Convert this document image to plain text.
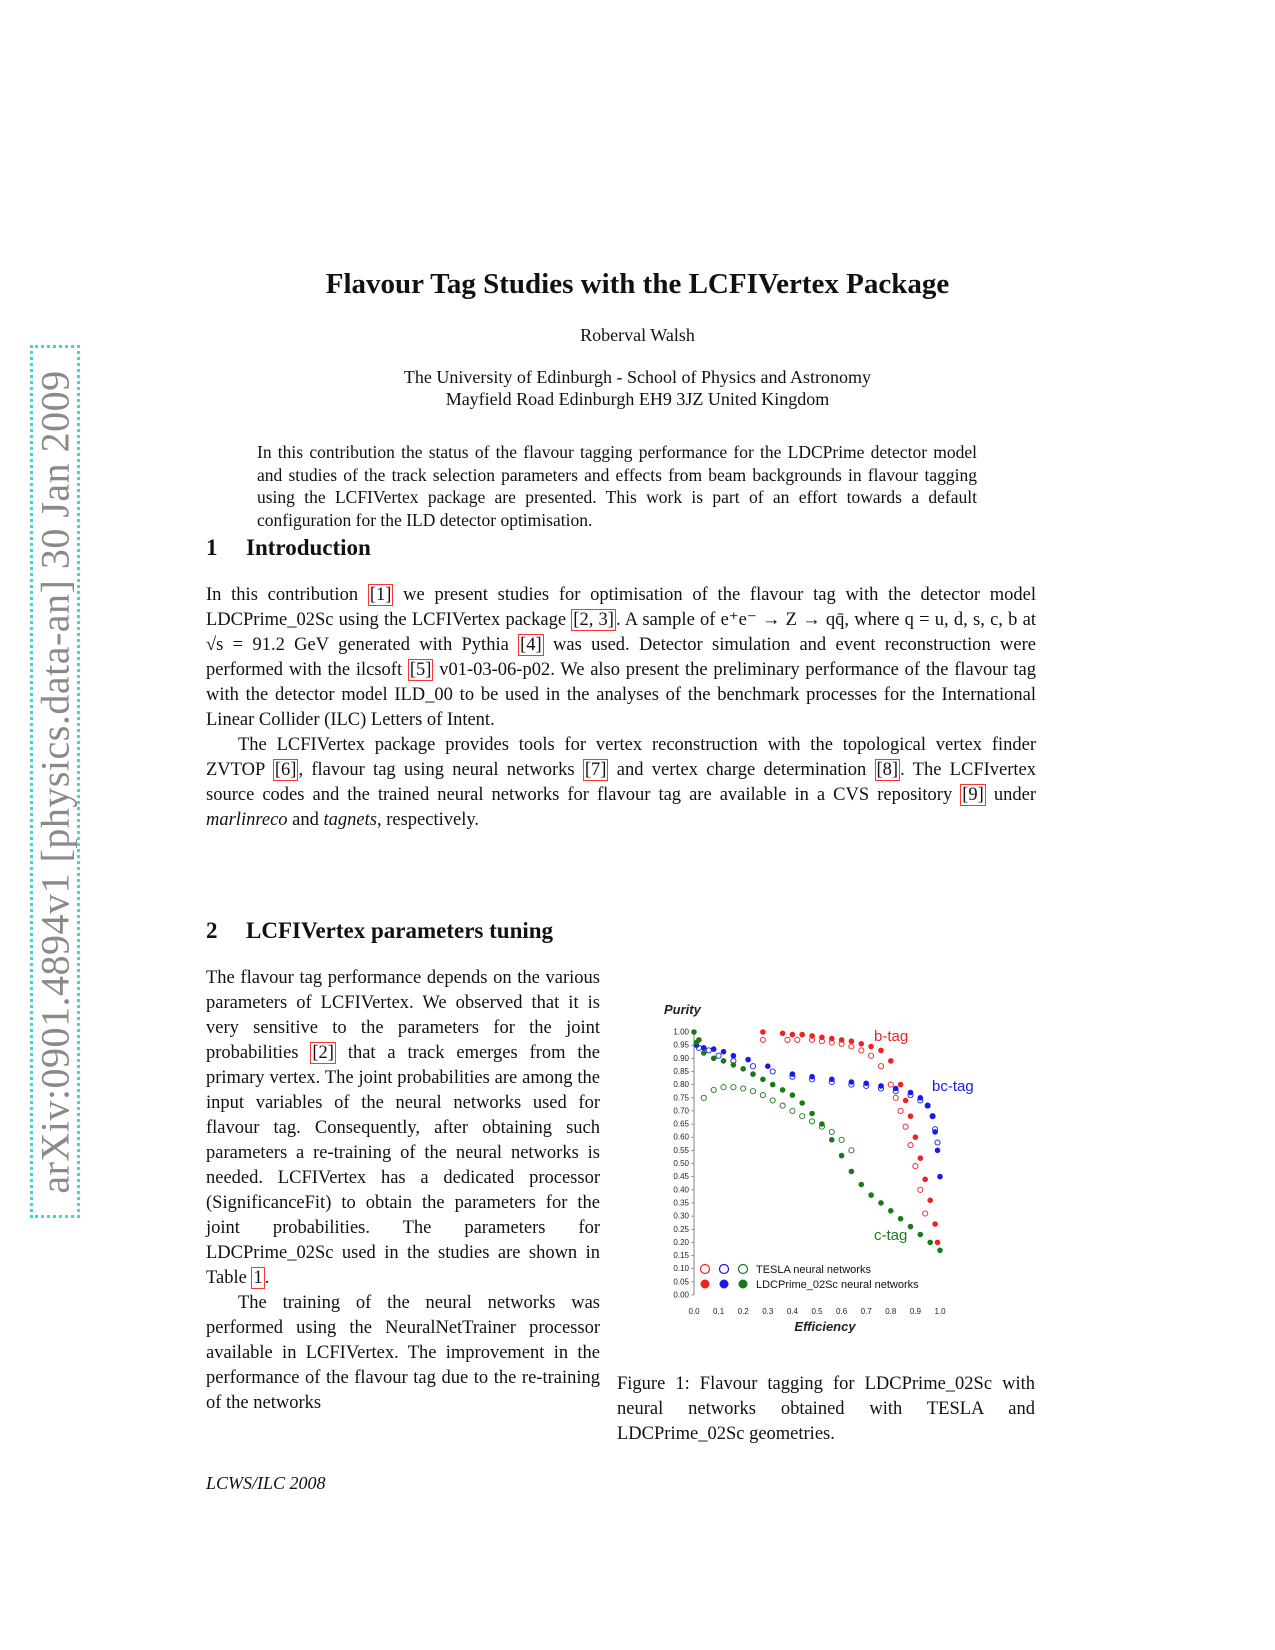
arXiv:0901.4894v1 [physics.data-an] 30 Jan 2009
Flavour Tag Studies with the LCFIVertex Package
Roberval Walsh
The University of Edinburgh - School of Physics and Astronomy
Mayfield Road Edinburgh EH9 3JZ United Kingdom
In this contribution the status of the flavour tagging performance for the LDCPrime detector model and studies of the track selection parameters and effects from beam backgrounds in flavour tagging using the LCFIVertex package are presented. This work is part of an effort towards a default configuration for the ILD detector optimisation.
1 Introduction

In this contribution [1] we present studies for optimisation of the flavour tag with the detector model LDCPrime_02Sc using the LCFIVertex package [2, 3] . A sample of e⁺e⁻ → Z → qq̄, where q = u, d, s, c, b at √s = 91.2 GeV generated with Pythia [4] was used. Detector simulation and event reconstruction were performed with the ilcsoft [5] v01-03-06-p02. We also present the preliminary performance of the flavour tag with the detector model ILD_00 to be used in the analyses of the benchmark processes for the International Linear Collider (ILC) Letters of Intent.

The LCFIVertex package provides tools for vertex reconstruction with the topological vertex finder ZVTOP [6] , flavour tag using neural networks [7] and vertex charge determination [8] . The LCFIvertex source codes and the trained neural networks for flavour tag are available in a CVS repository [9] under marlinreco and tagnets, respectively.

2 LCFIVertex parameters tuning

The flavour tag performance depends on the various parameters of LCFIVertex. We observed that it is very sensitive to the parameters for the joint probabilities [2] that a track emerges from the primary vertex. The joint probabilities are among the input variables of the neural networks used for flavour tag. Consequently, after obtaining such parameters a re-training of the neural networks is needed. LCFIVertex has a dedicated processor (SignificanceFit) to obtain the parameters for the joint probabilities. The parameters for LDCPrime_02Sc used in the studies are shown in Table 1 .

The training of the neural networks was performed using the NeuralNetTrainer processor available in LCFIVertex. The improvement in the performance of the flavour tag due to the re-training of the networks

0.00
0.05
0.10
0.15
0.20
0.25
0.30
0.35
0.40
0.45
0.50
0.55
0.60
0.65
0.70
0.75
0.80
0.85
0.90
0.95
1.00
0.0 0.1 0.2 0.3 0.4 0.5 0.6 0.7 0.8 0.9 1.0
Purity
Efficiency
b-tag
bc-tag
c-tag
TESLA neural networks
LDCPrime_02Sc neural networks
Figure 1: Flavour tagging for LDCPrime_02Sc with neural networks obtained with TESLA and LDCPrime_02Sc geometries.
LCWS/ILC 2008
